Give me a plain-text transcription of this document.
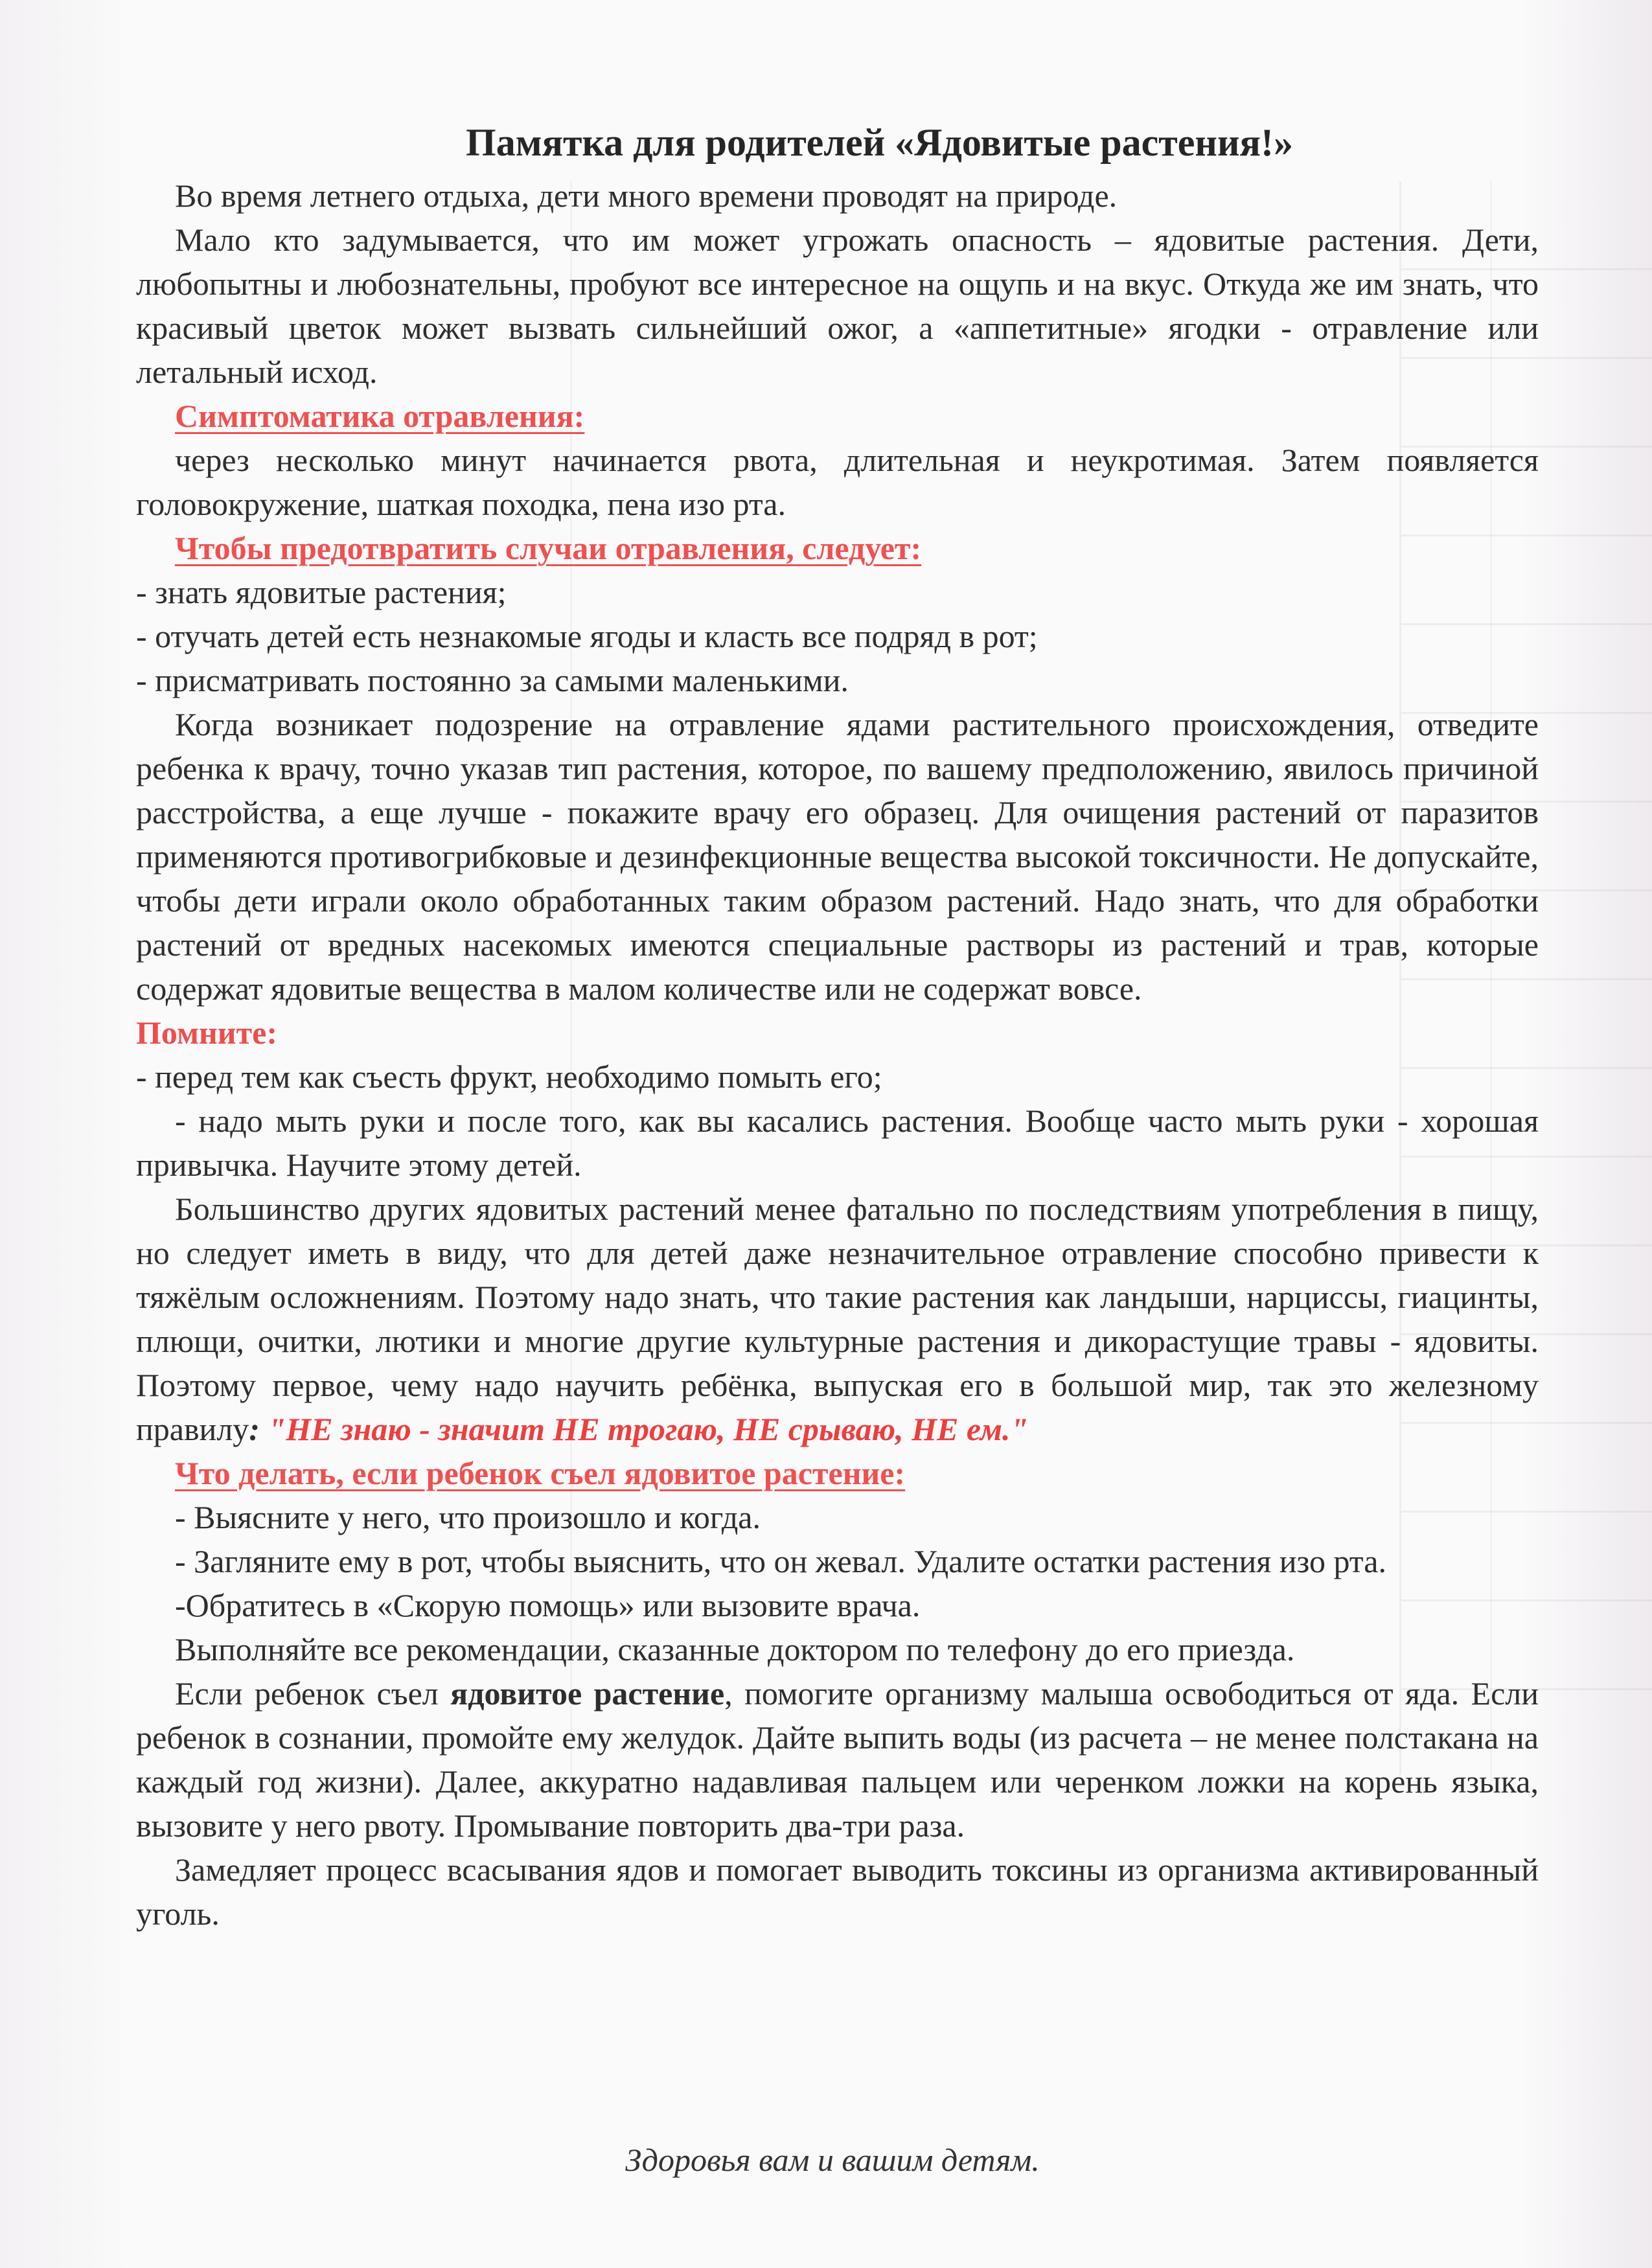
Памятка для родителей «Ядовитые растения!»

Во время летнего отдыха, дети много времени проводят на природе.

Мало кто задумывается, что им может угрожать опасность – ядовитые растения. Дети, любопытны и любознательны, пробуют все интересное на ощупь и на вкус. Откуда же им знать, что красивый цветок может вызвать сильнейший ожог, а «аппетитные» ягодки - отравление или летальный исход.

Симптоматика отравления:

через несколько минут начинается рвота, длительная и неукротимая. Затем появляется головокружение, шаткая походка, пена изо рта.

Чтобы предотвратить случаи отравления, следует:

- знать ядовитые растения;

- отучать детей есть незнакомые ягоды и класть все подряд в рот;

- присматривать постоянно за самыми маленькими.

Когда возникает подозрение на отравление ядами растительного происхождения, отведите ребенка к врачу, точно указав тип растения, которое, по вашему предположению, явилось причиной расстройства, а еще лучше - покажите врачу его образец. Для очищения растений от паразитов применяются противогрибковые и дезинфекционные вещества высокой токсичности. Не допускайте, чтобы дети играли около обработанных таким образом растений. Надо знать, что для обработки растений от вредных насекомых имеются специальные растворы из растений и трав, которые содержат ядовитые вещества в малом количестве или не содержат вовсе.

Помните:

- перед тем как съесть фрукт, необходимо помыть его;

- надо мыть руки и после того, как вы касались растения. Вообще часто мыть руки - хорошая привычка. Научите этому детей.

Большинство других ядовитых растений менее фатально по последствиям употребления в пищу, но следует иметь в виду, что для детей даже незначительное отравление способно привести к тяжёлым осложнениям. Поэтому надо знать, что такие растения как ландыши, нарциссы, гиацинты, плющи, очитки, лютики и многие другие культурные растения и дикорастущие травы - ядовиты. Поэтому первое, чему надо научить ребёнка, выпуская его в большой мир, так это железному правилу: "НЕ знаю - значит НЕ трогаю, НЕ срываю, НЕ ем."

Что делать, если ребенок съел ядовитое растение:

- Выясните у него, что произошло и когда.

- Загляните ему в рот, чтобы выяснить, что он жевал. Удалите остатки растения изо рта.

-Обратитесь в «Скорую помощь» или вызовите врача.

Выполняйте все рекомендации, сказанные доктором по телефону до его приезда.

Если ребенок съел ядовитое растение, помогите организму малыша освободиться от яда. Если ребенок в сознании, промойте ему желудок. Дайте выпить воды (из расчета – не менее полстакана на каждый год жизни). Далее, аккуратно надавливая пальцем или черенком ложки на корень языка, вызовите у него рвоту. Промывание повторить два-три раза.

Замедляет процесс всасывания ядов и помогает выводить токсины из организма активированный уголь.

Здоровья вам и вашим детям.
